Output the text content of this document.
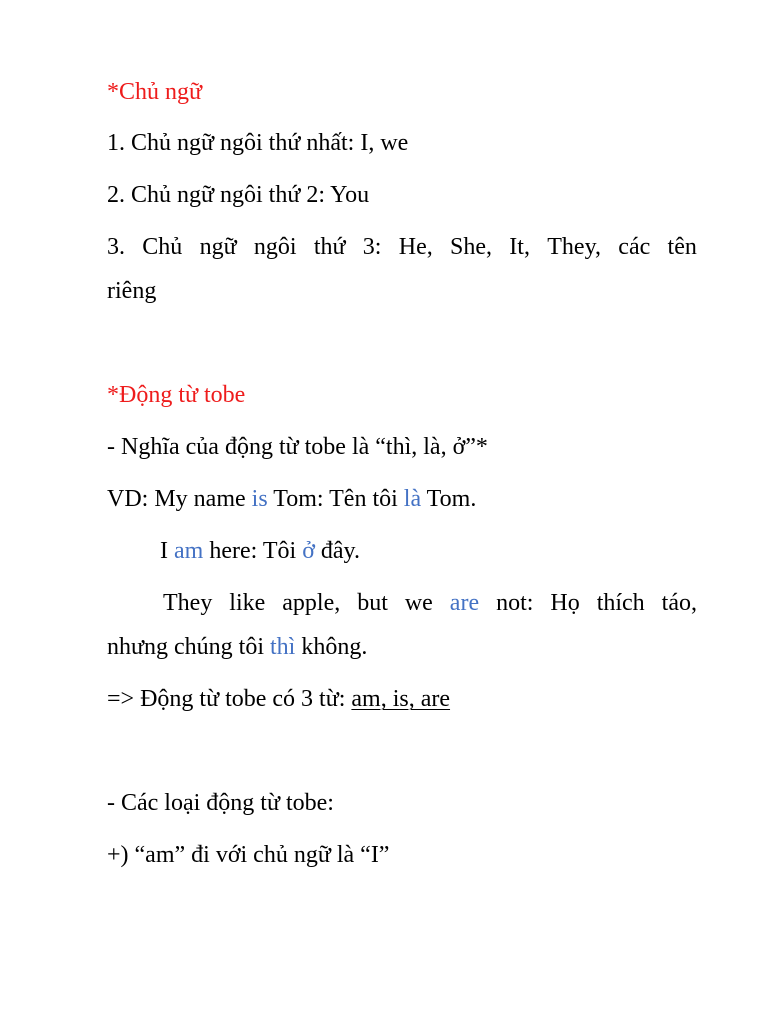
*Chủ ngữ
1. Chủ ngữ ngôi thứ nhất: I, we
2. Chủ ngữ ngôi thứ 2: You
3. Chủ ngữ ngôi thứ 3: He, She, It, They, các tên
riêng
*Động từ tobe
- Nghĩa của động từ tobe là “thì, là, ở”*
VD: My name is Tom: Tên tôi là Tom.
I am here: Tôi ở đây.
They like apple, but we are not: Họ thích táo,
nhưng chúng tôi thì không.
=> Động từ tobe có 3 từ: am, is, are
- Các loại động từ tobe:
+) “am” đi với chủ ngữ là “I”
